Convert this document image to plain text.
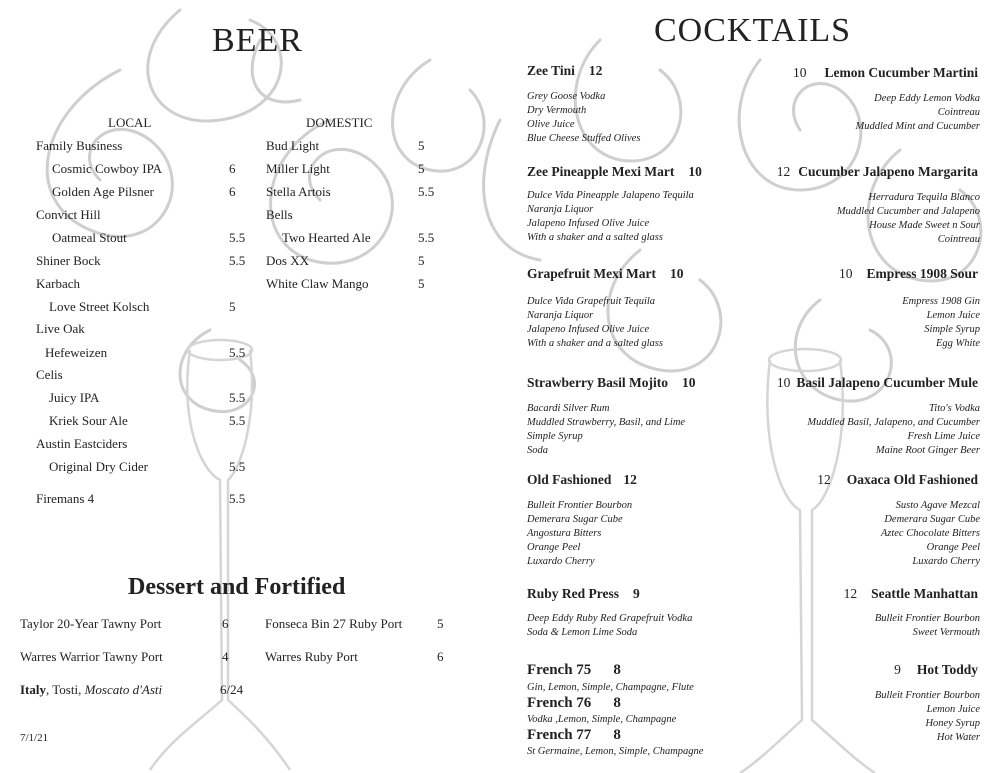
BEER
LOCAL	DOMESTIC
Family Business
Cosmic Cowboy IPA	6
Golden Age Pilsner	6
Convict Hill
Oatmeal Stout	5.5
Shiner Bock	5.5
Karbach
Love Street Kolsch	5
Live Oak
Hefeweizen	5.5
Celis
Juicy IPA	5.5
Kriek Sour Ale	5.5
Austin Eastciders
Original Dry Cider	5.5
Firemans 4	5.5
Bud Light	5
Miller Light	5
Stella Artois	5.5
Bells
Two Hearted Ale	5.5
Dos XX	5
White Claw Mango	5
Dessert and Fortified
Taylor 20-Year Tawny Port	6
Warres Warrior Tawny Port	4
Italy, Tosti, Moscato d'Asti	6/24
Fonseca Bin 27 Ruby Port	5
Warres Ruby Port	6
7/1/21
COCKTAILS
Zee Tini 12
Grey Goose Vodka
Dry Vermouth
Olive Juice
Blue Cheese Stuffed Olives
Zee Pineapple Mexi Mart 10
Dulce Vida Pineapple Jalapeno Tequila
Naranja Liquor
Jalapeno Infused Olive Juice
With a shaker and a salted glass
Grapefruit Mexi Mart 10
Dulce Vida Grapefruit Tequila
Naranja Liquor
Jalapeno Infused Olive Juice
With a shaker and a salted glass
Strawberry Basil Mojito 10
Bacardi Silver Rum
Muddled Strawberry, Basil, and Lime
Simple Syrup
Soda
Old Fashioned 12
Bulleit Frontier Bourbon
Demerara Sugar Cube
Angostura Bitters
Orange Peel
Luxardo Cherry
Ruby Red Press 9
Deep Eddy Ruby Red Grapefruit Vodka
Soda & Lemon Lime Soda
French 75 8
Gin, Lemon, Simple, Champagne, Flute
French 76 8
Vodka ,Lemon, Simple, Champagne
French 77 8
St Germaine, Lemon, Simple, Champagne
10 Lemon Cucumber Martini
Deep Eddy Lemon Vodka
Cointreau
Muddled Mint and Cucumber
12 Cucumber Jalapeno Margarita
Herradura Tequila Blanco
Muddled Cucumber and Jalapeno
House Made Sweet n Sour
Cointreau
10 Empress 1908 Sour
Empress 1908 Gin
Lemon Juice
Simple Syrup
Egg White
10 Basil Jalapeno Cucumber Mule
Tito's Vodka
Muddled Basil, Jalapeno, and Cucumber
Fresh Lime Juice
Maine Root Ginger Beer
12 Oaxaca Old Fashioned
Susto Agave Mezcal
Demerara Sugar Cube
Aztec Chocolate Bitters
Orange Peel
Luxardo Cherry
12 Seattle Manhattan
Bulleit Frontier Bourbon
Sweet Vermouth
9 Hot Toddy
Bulleit Frontier Bourbon
Lemon Juice
Honey Syrup
Hot Water
